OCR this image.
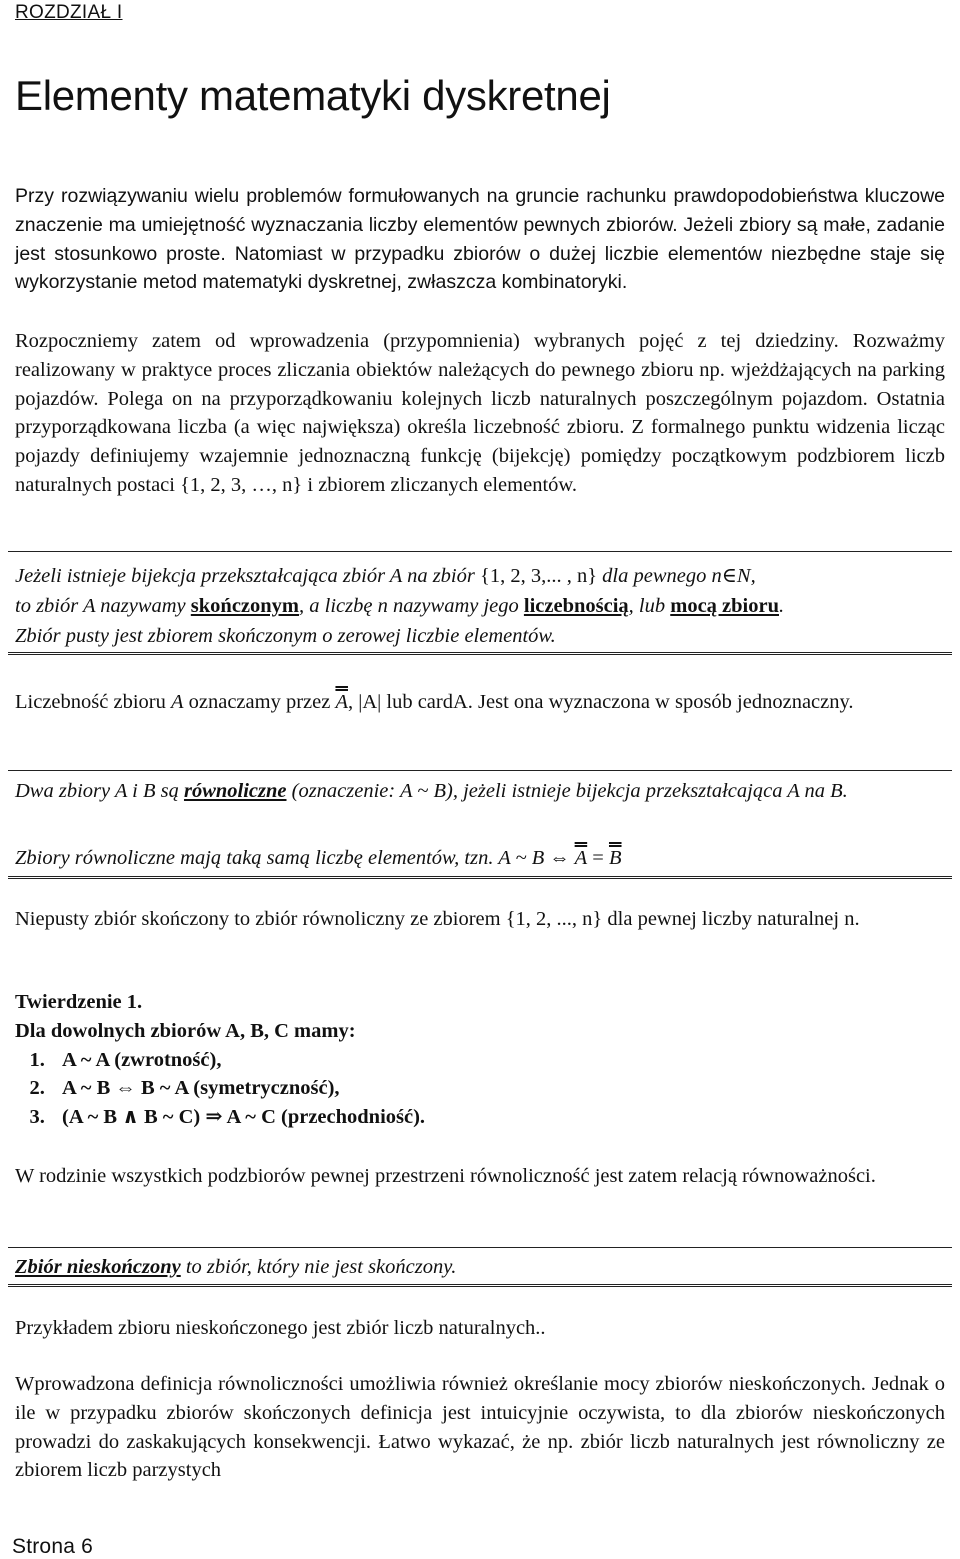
ROZDZIAŁ I
Elementy matematyki dyskretnej

Przy rozwiązywaniu wielu problemów formułowanych na gruncie rachunku prawdopodobieństwa kluczowe znaczenie ma umiejętność wyznaczania liczby elementów pewnych zbiorów. Jeżeli zbiory są małe, zadanie jest stosunkowo proste. Natomiast w przypadku zbiorów o dużej liczbie elementów niezbędne staje się wykorzystanie metod matematyki dyskretnej, zwłaszcza kombinatoryki.

Rozpoczniemy zatem od wprowadzenia (przypomnienia) wybranych pojęć z tej dziedziny. Rozważmy realizowany w praktyce proces zliczania obiektów należących do pewnego zbioru np. wjeżdżających na parking pojazdów. Polega on na przyporządkowaniu kolejnych liczb naturalnych poszczególnym pojazdom. Ostatnia przyporządkowana liczba (a więc największa) określa liczebność zbioru. Z formalnego punktu widzenia licząc pojazdy definiujemy wzajemnie jednoznaczną funkcję (bijekcję) pomiędzy początkowym podzbiorem liczb naturalnych postaci {1, 2, 3, …, n} i zbiorem zliczanych elementów.

Jeżeli istnieje bijekcja przekształcająca zbiór A na zbiór {1, 2, 3,... , n} dla pewnego n∈N,
to zbiór A nazywamy skończonym, a liczbę n nazywamy jego liczebnością, lub mocą zbioru.
Zbiór pusty jest zbiorem skończonym o zerowej liczbie elementów.

Liczebność zbioru A oznaczamy przez A, |A| lub cardA. Jest ona wyznaczona w sposób jednoznaczny.

Dwa zbiory A i B są równoliczne (oznaczenie: A ~ B), jeżeli istnieje bijekcja przekształcająca A na B.

Zbiory równoliczne mają taką samą liczbę elementów, tzn. A ~ B ⇔ A = B

Niepusty zbiór skończony to zbiór równoliczny ze zbiorem {1, 2, ..., n} dla pewnej liczby naturalnej n.

Twierdzenie 1.
Dla dowolnych zbiorów A, B, C mamy:
1. A ~ A (zwrotność),
2. A ~ B ⇔ B ~ A (symetryczność),
3. (A ~ B ∧ B ~ C) ⇒ A ~ C (przechodniość).

W rodzinie wszystkich podzbiorów pewnej przestrzeni równoliczność jest zatem relacją równoważności.

Zbiór nieskończony to zbiór, który nie jest skończony.

Przykładem zbioru nieskończonego jest zbiór liczb naturalnych..

Wprowadzona definicja równoliczności umożliwia również określanie mocy zbiorów nieskończonych. Jednak o ile w przypadku zbiorów skończonych definicja jest intuicyjnie oczywista, to dla zbiorów nieskończonych prowadzi do zaskakujących konsekwencji. Łatwo wykazać, że np. zbiór liczb naturalnych jest równoliczny ze zbiorem liczb parzystych

Strona 6
